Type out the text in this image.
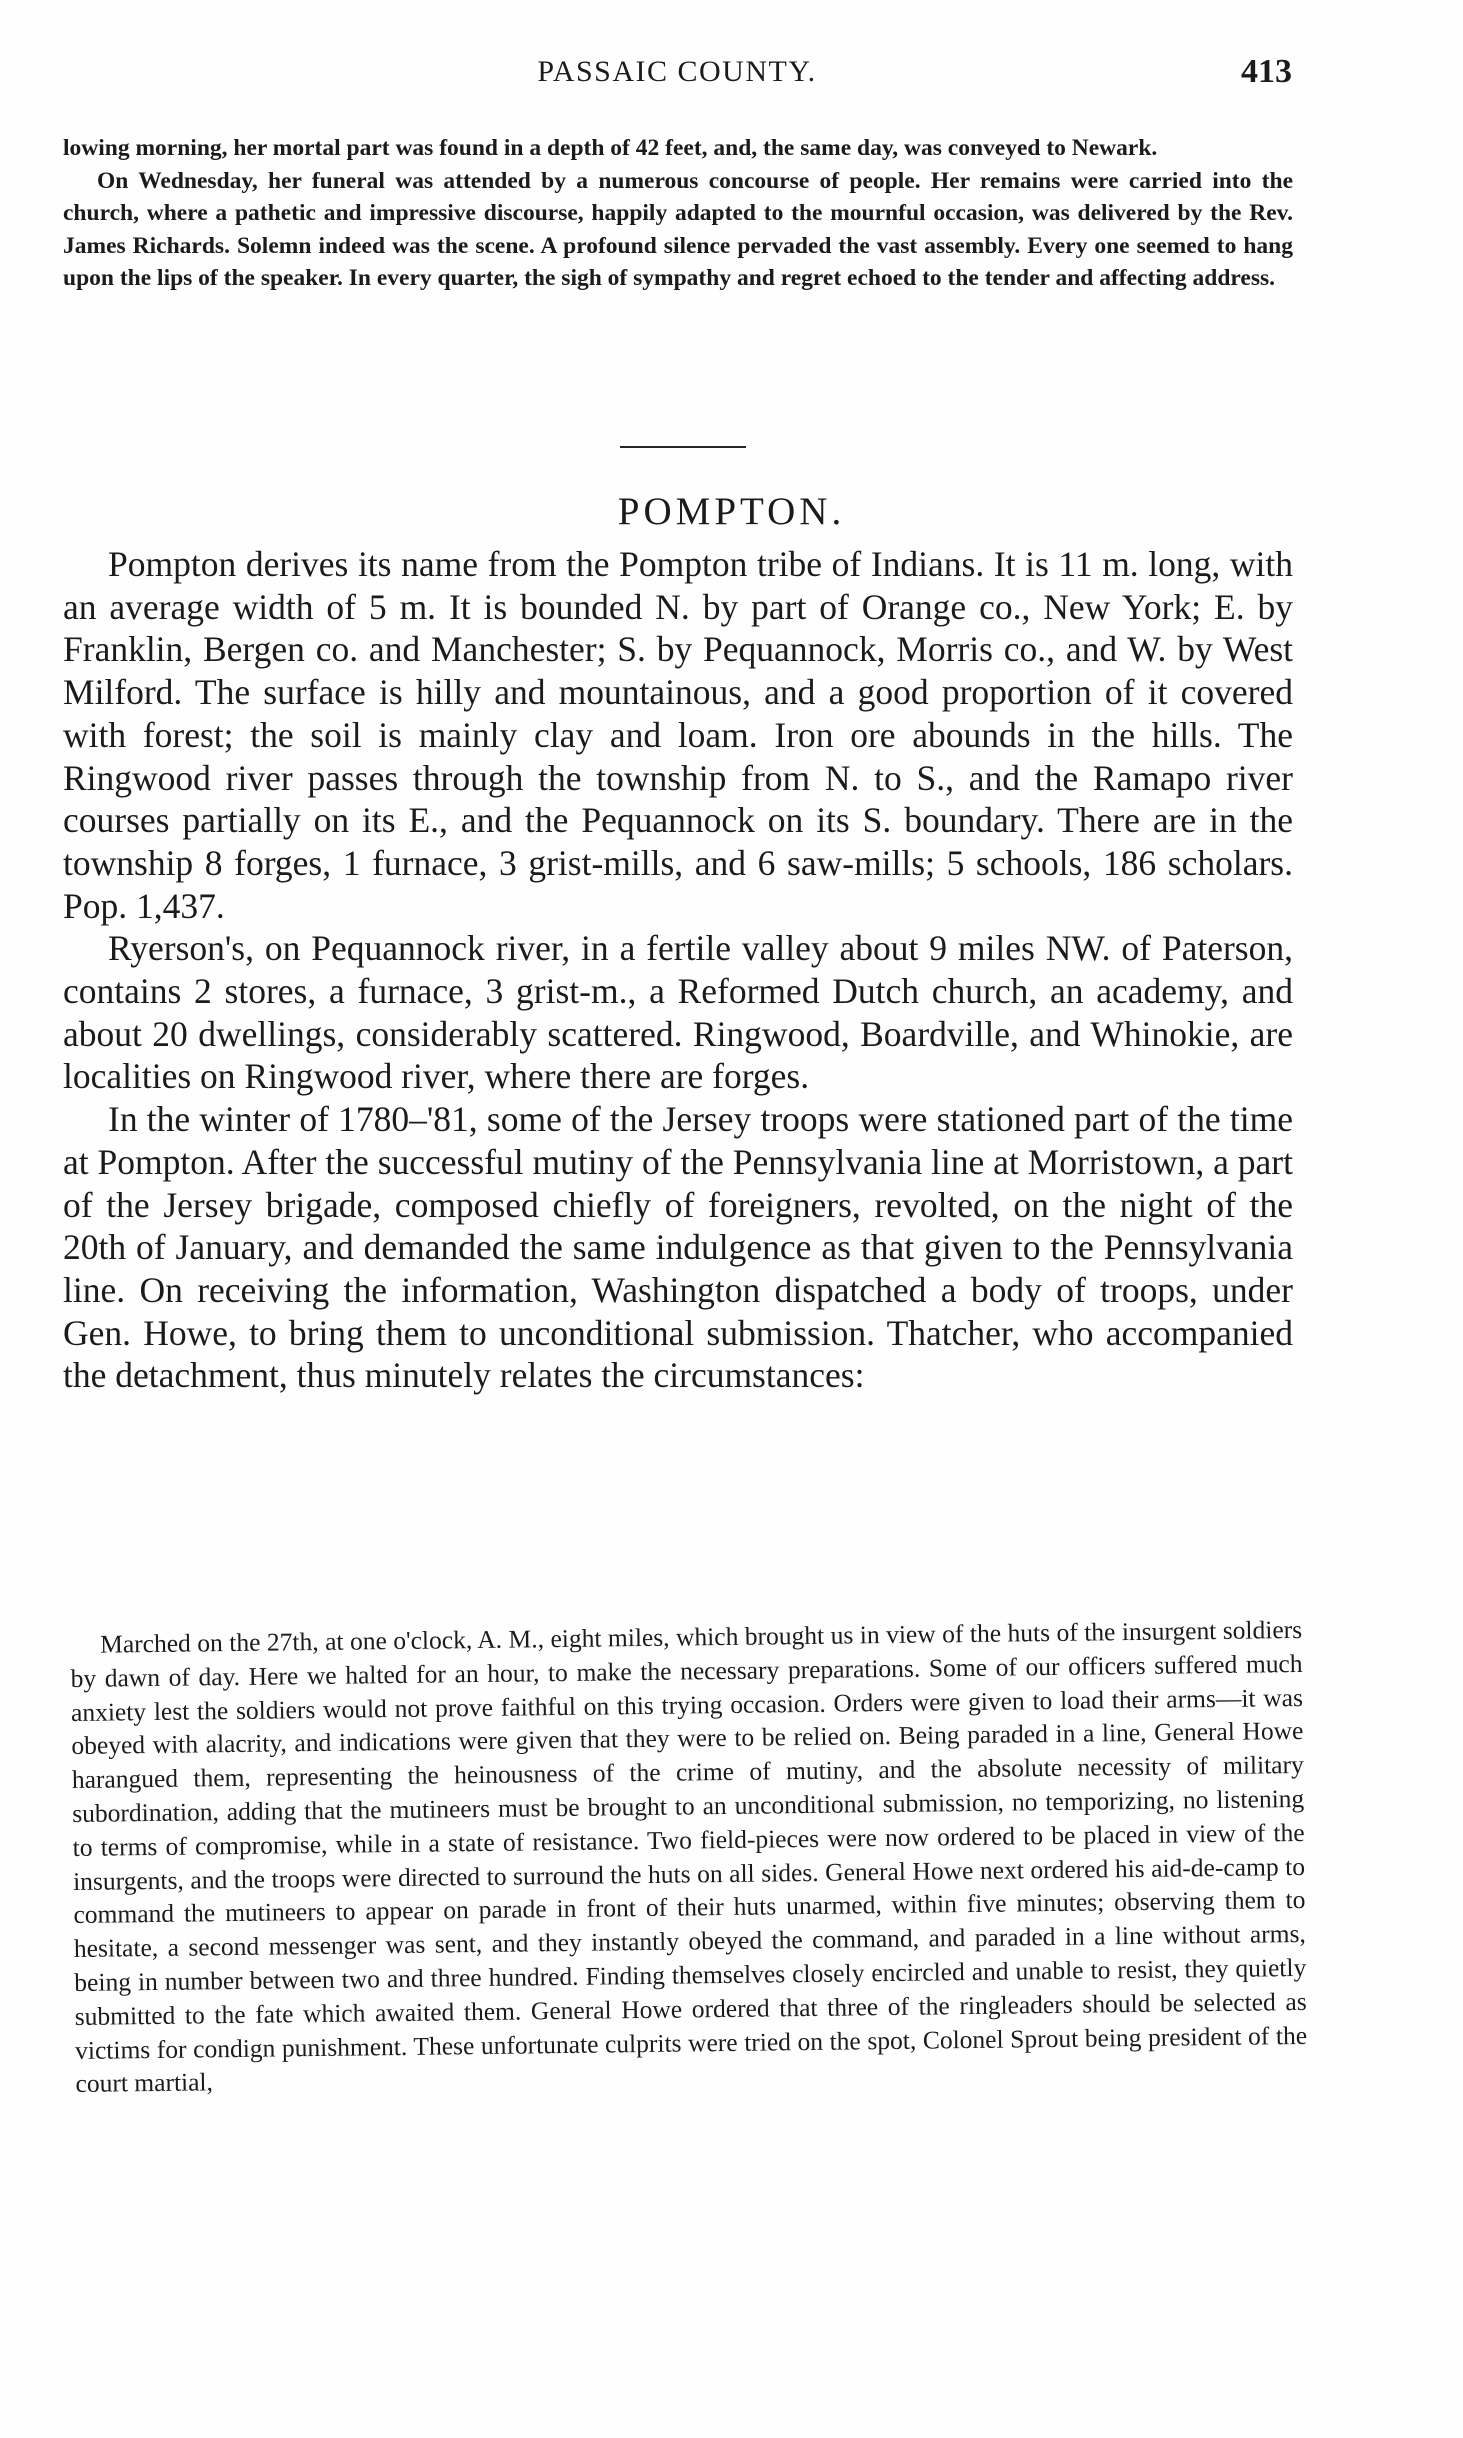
PASSAIC COUNTY.	413

lowing morning, her mortal part was found in a depth of 42 feet, and, the same day, was conveyed to Newark.

On Wednesday, her funeral was attended by a numerous concourse of people. Her remains were carried into the church, where a pathetic and impressive discourse, happily adapted to the mournful occasion, was delivered by the Rev. James Richards. Solemn indeed was the scene. A profound silence pervaded the vast assembly. Every one seemed to hang upon the lips of the speaker. In every quarter, the sigh of sympathy and regret echoed to the tender and affecting address.

POMPTON.

Pompton derives its name from the Pompton tribe of Indians. It is 11 m. long, with an average width of 5 m. It is bounded N. by part of Orange co., New York; E. by Franklin, Bergen co. and Manchester; S. by Pequannock, Morris co., and W. by West Milford. The surface is hilly and mountainous, and a good proportion of it covered with forest; the soil is mainly clay and loam. Iron ore abounds in the hills. The Ringwood river passes through the township from N. to S., and the Ramapo river courses partially on its E., and the Pequannock on its S. boundary. There are in the township 8 forges, 1 furnace, 3 grist-mills, and 6 saw-mills; 5 schools, 186 scholars. Pop. 1,437.

Ryerson's, on Pequannock river, in a fertile valley about 9 miles NW. of Paterson, contains 2 stores, a furnace, 3 grist-m., a Reformed Dutch church, an academy, and about 20 dwellings, considerably scattered. Ringwood, Boardville, and Whinokie, are localities on Ringwood river, where there are forges.

In the winter of 1780–'81, some of the Jersey troops were stationed part of the time at Pompton. After the successful mutiny of the Pennsylvania line at Morristown, a part of the Jersey brigade, composed chiefly of foreigners, revolted, on the night of the 20th of January, and demanded the same indulgence as that given to the Pennsylvania line. On receiving the information, Washington dispatched a body of troops, under Gen. Howe, to bring them to unconditional submission. Thatcher, who accompanied the detachment, thus minutely relates the circumstances:

Marched on the 27th, at one o'clock, A. M., eight miles, which brought us in view of the huts of the insurgent soldiers by dawn of day. Here we halted for an hour, to make the necessary preparations. Some of our officers suffered much anxiety lest the soldiers would not prove faithful on this trying occasion. Orders were given to load their arms—it was obeyed with alacrity, and indications were given that they were to be relied on. Being paraded in a line, General Howe harangued them, representing the heinousness of the crime of mutiny, and the absolute necessity of military subordination, adding that the mutineers must be brought to an unconditional submission, no temporizing, no listening to terms of compromise, while in a state of resistance. Two field-pieces were now ordered to be placed in view of the insurgents, and the troops were directed to surround the huts on all sides. General Howe next ordered his aid-de-camp to command the mutineers to appear on parade in front of their huts unarmed, within five minutes; observing them to hesitate, a second messenger was sent, and they instantly obeyed the command, and paraded in a line without arms, being in number between two and three hundred. Finding themselves closely encircled and unable to resist, they quietly submitted to the fate which awaited them. General Howe ordered that three of the ringleaders should be selected as victims for condign punishment. These unfortunate culprits were tried on the spot, Colonel Sprout being president of the court martial,
